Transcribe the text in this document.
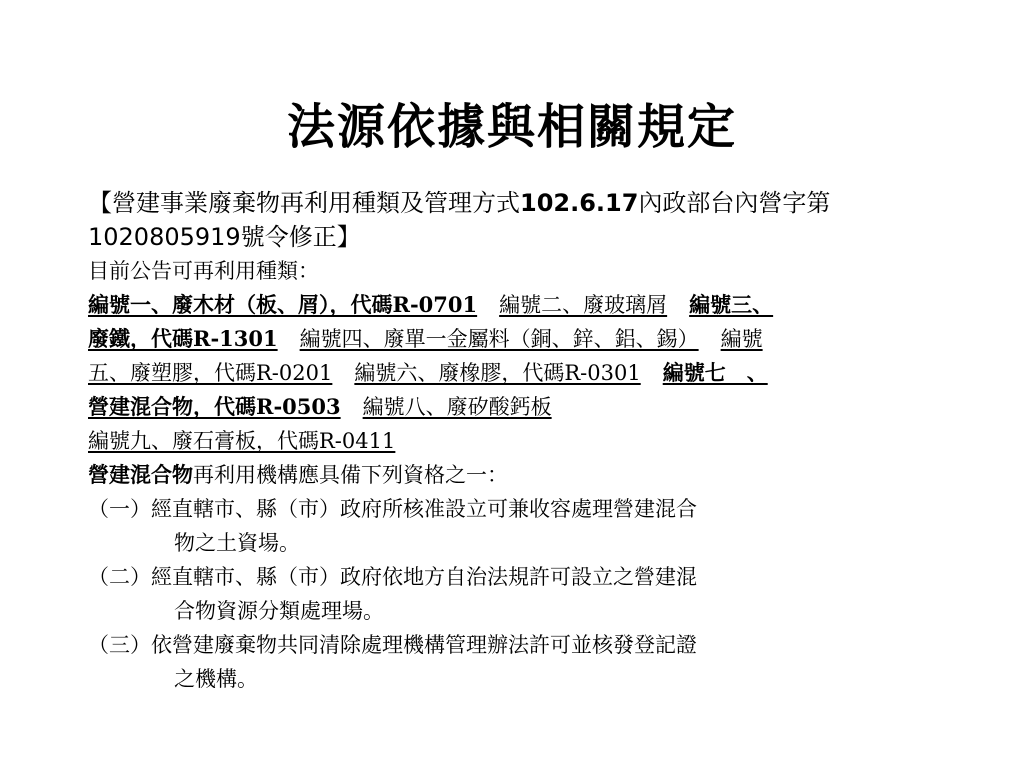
法源依據與相關規定
【營建事業廢棄物再利用種類及管理方式102.6.17內政部台內營字第
1020805919號令修正】
目前公告可再利用種類：
編號一、廢木材（板、屑），代碼R-0701 編號二、廢玻璃屑 編號三、
廢鐵，代碼R-1301 編號四、廢單一金屬料（銅、鋅、鋁、錫） 編號
五、廢塑膠，代碼R-0201 編號六、廢橡膠，代碼R-0301 編號七　、
營建混合物，代碼R-0503 編號八、廢矽酸鈣板
編號九、廢石膏板，代碼R-0411
營建混合物再利用機構應具備下列資格之一：
（一）經直轄市、縣（市）政府所核准設立可兼收容處理營建混合
物之土資場。
（二）經直轄市、縣（市）政府依地方自治法規許可設立之營建混
合物資源分類處理場。
（三）依營建廢棄物共同清除處理機構管理辦法許可並核發登記證
之機構。
